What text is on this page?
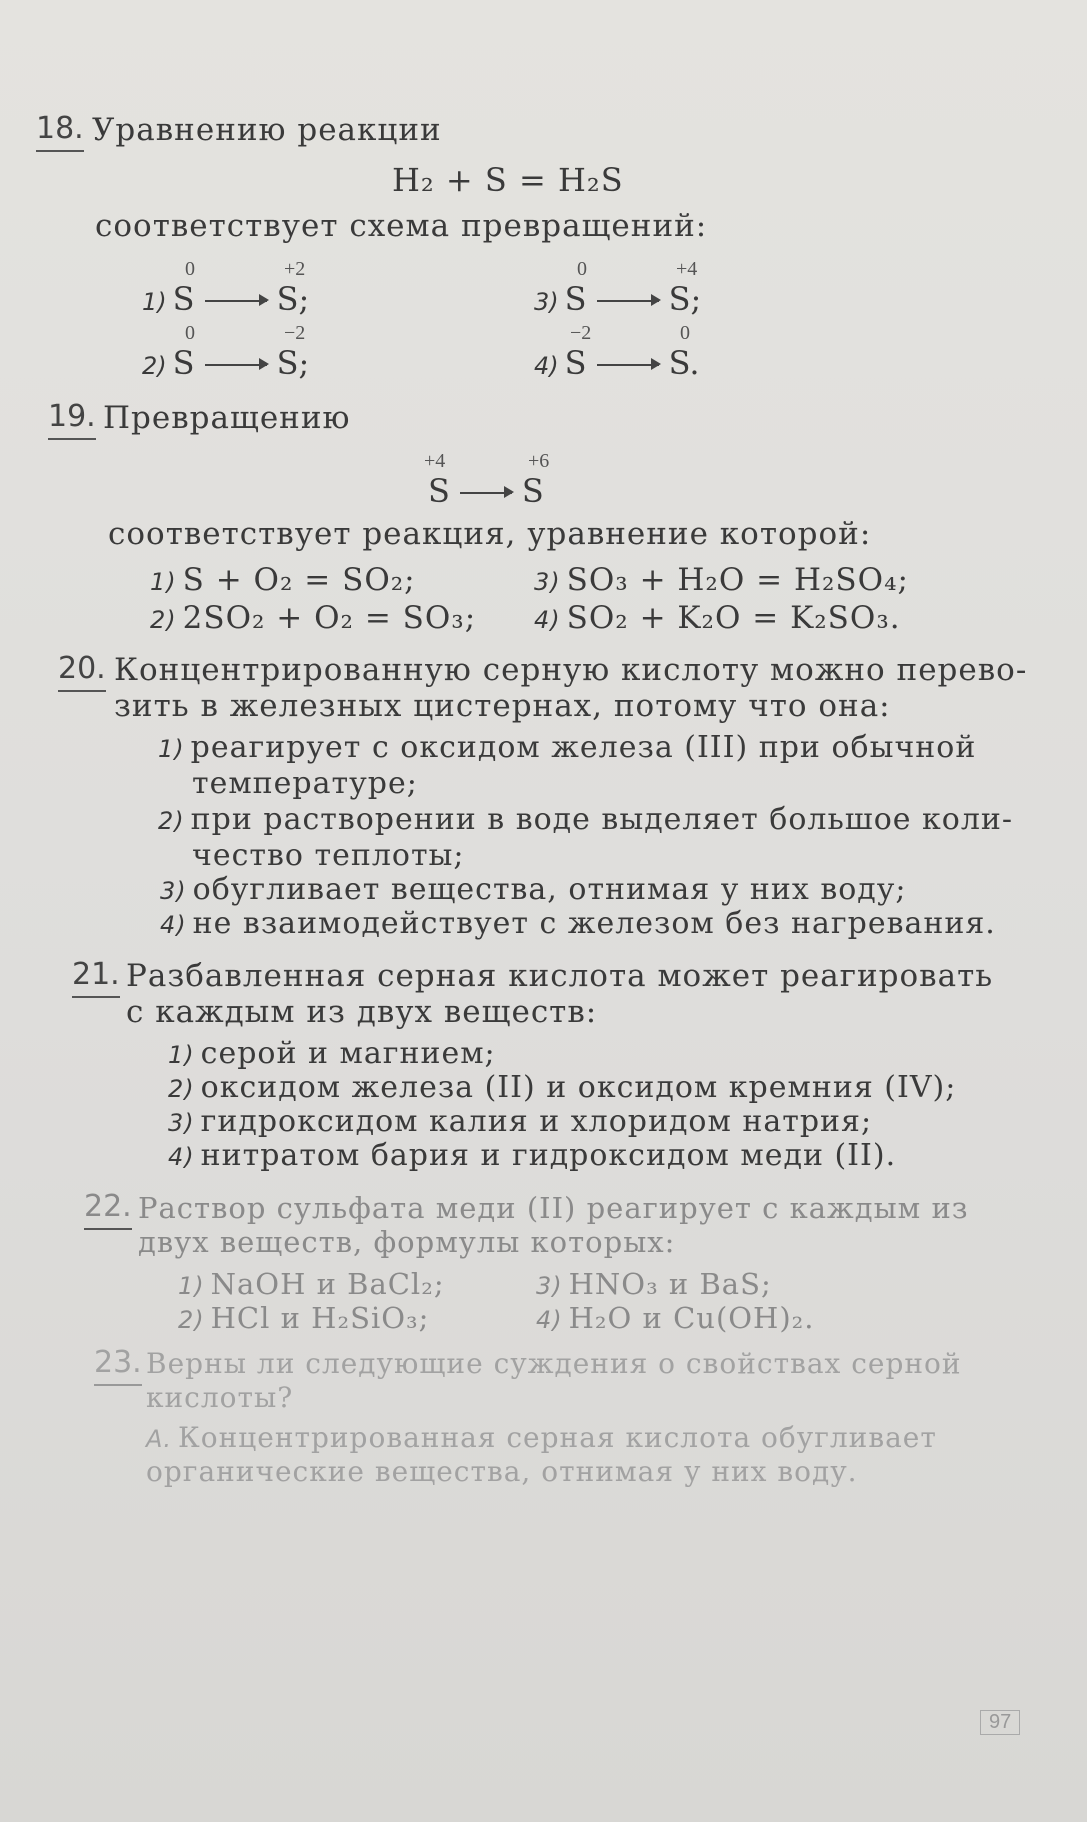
18. Уравнению реакции
H₂ + S = H₂S
соответствует схема превращений:
0	+2
1) S	S;
0	−2
2) S	S;
0	+4
3) S	S;
−2	0
4) S	S.
19. Превращению
+4	+6
S S
соответствует реакция, уравнение которой:
1) S + O₂ = SO₂;
2) 2SO₂ + O₂ = SO₃;
3) SO₃ + H₂O = H₂SO₄;
4) SO₂ + K₂O = K₂SO₃.
20. Концентрированную серную кислоту можно перево-
зить в железных цистернах, потому что она:
1) реагирует с оксидом железа (III) при обычной
температуре;
2) при растворении в воде выделяет большое коли-
чество теплоты;
3) обугливает вещества, отнимая у них воду;
4) не взаимодействует с железом без нагревания.
21. Разбавленная серная кислота может реагировать
с каждым из двух веществ:
1) серой и магнием;
2) оксидом железа (II) и оксидом кремния (IV);
3) гидроксидом калия и хлоридом натрия;
4) нитратом бария и гидроксидом меди (II).
22. Раствор сульфата меди (II) реагирует с каждым из
двух веществ, формулы которых:
1) NaOH и BaCl₂;
2) HCl и H₂SiO₃;
3) HNO₃ и BaS;
4) H₂O и Cu(OH)₂.
23. Верны ли следующие суждения о свойствах серной
кислоты?
А. Концентрированная серная кислота обугливает
органические вещества, отнимая у них воду.
97
